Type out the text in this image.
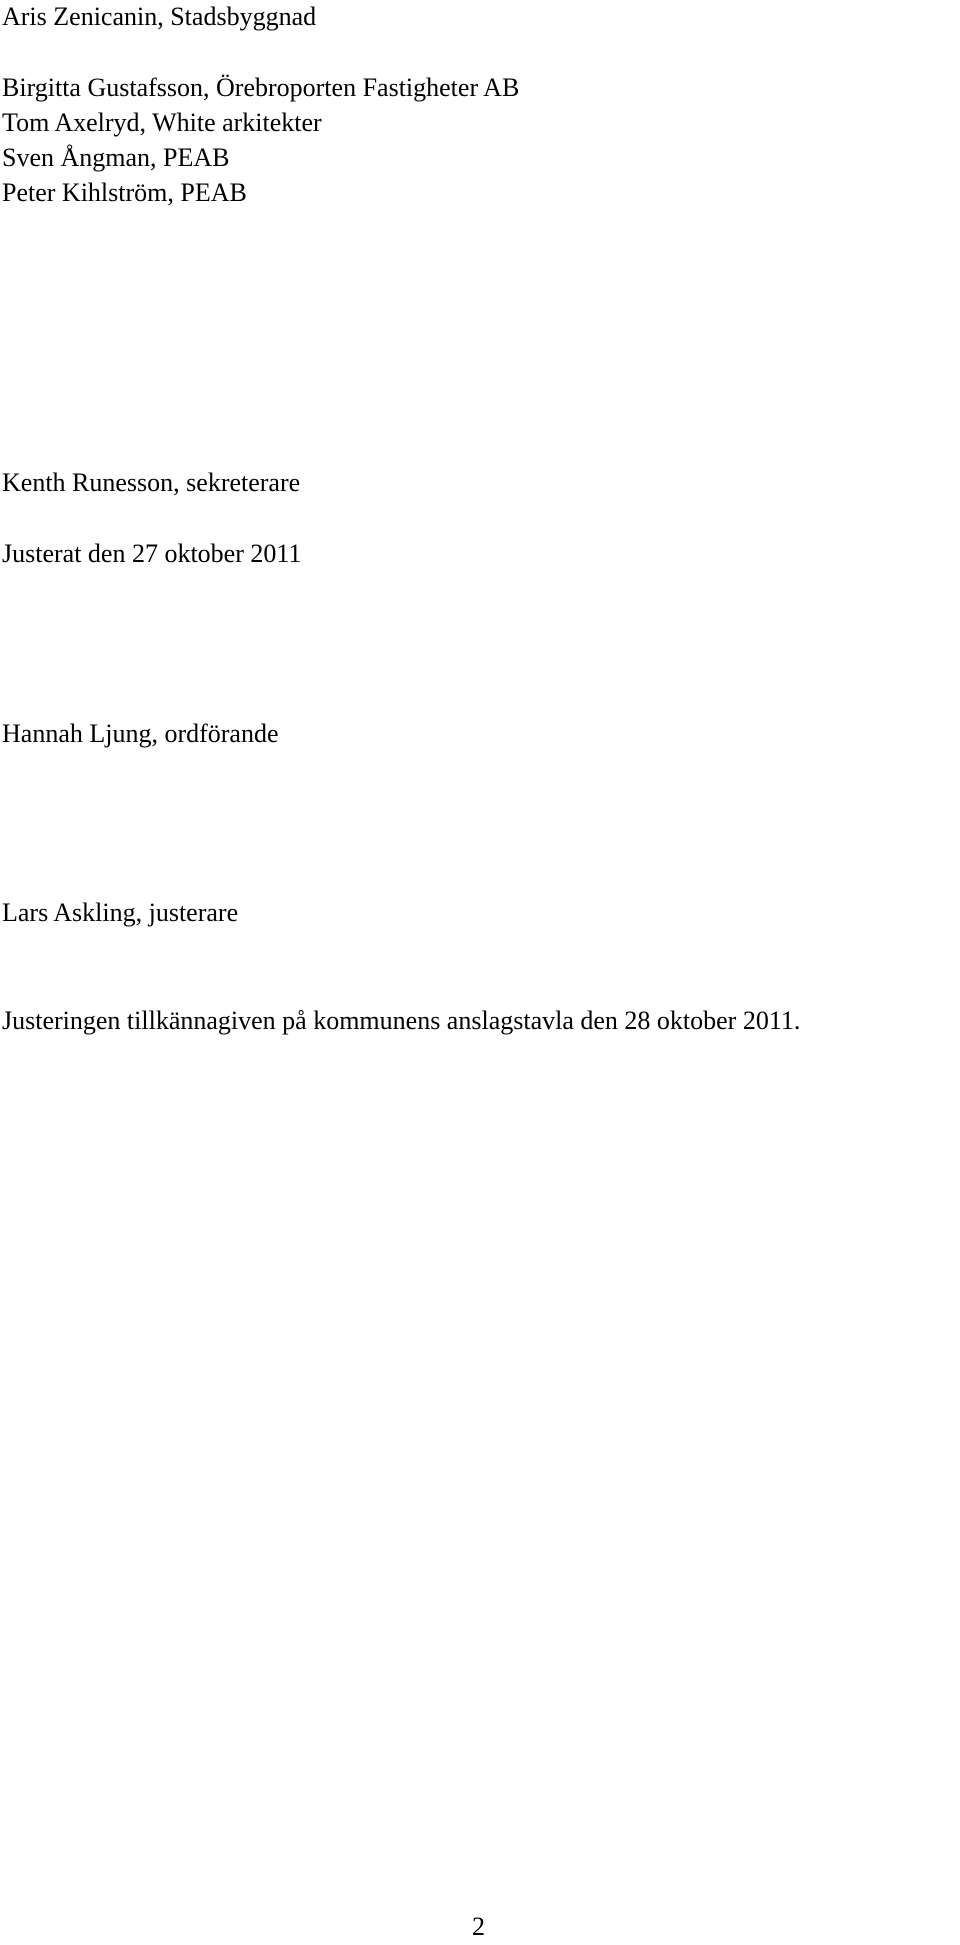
Aris Zenicanin, Stadsbyggnad

Birgitta Gustafsson, Örebroporten Fastigheter AB

Tom Axelryd, White arkitekter

Sven Ångman, PEAB

Peter Kihlström, PEAB

Kenth Runesson, sekreterare

Justerat den 27 oktober 2011

Hannah Ljung, ordförande

Lars Askling, justerare

Justeringen tillkännagiven på kommunens anslagstavla den 28 oktober 2011.

2
